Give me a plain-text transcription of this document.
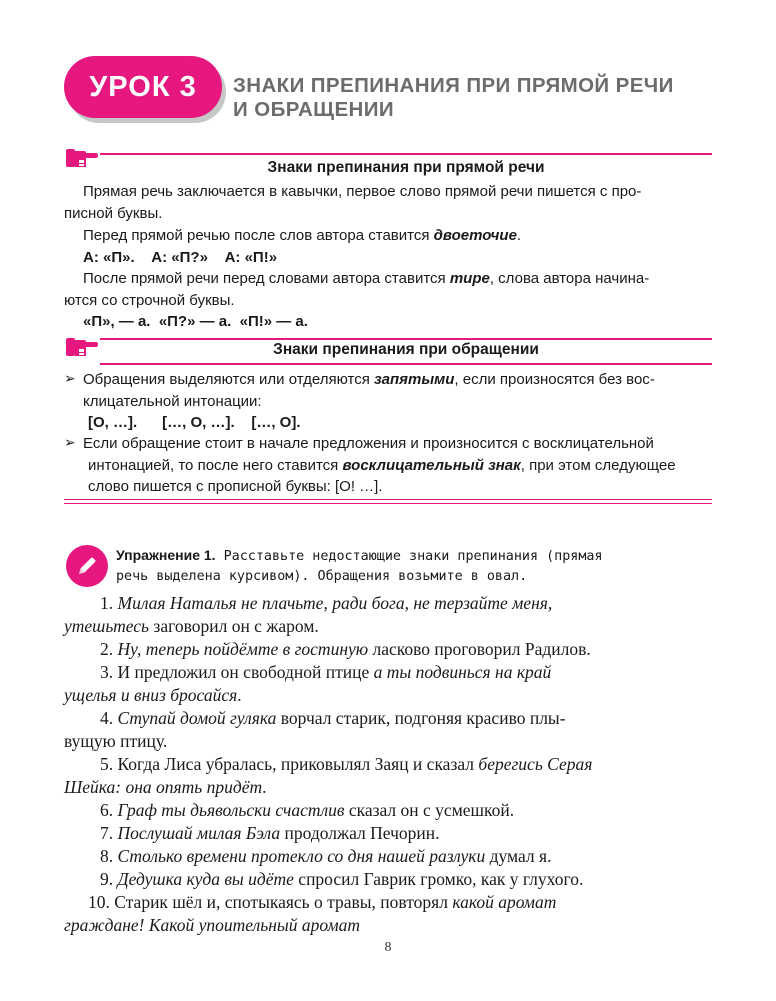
УРОК 3 ЗНАКИ ПРЕПИНАНИЯ ПРИ ПРЯМОЙ РЕЧИ
И ОБРАЩЕНИИ
Знаки препинания при прямой речи
Прямая речь заключается в кавычки, первое слово прямой речи пишется с про-
писной буквы.
Перед прямой речью после слов автора ставится двоеточие.
А: «П».    А: «П?»    А: «П!»
После прямой речи перед словами автора ставится тире, слова автора начина-
ются со строчной буквы.
«П», — а.  «П?» — а.  «П!» — а.
Знаки препинания при обращении
➢ Обращения выделяются или отделяются запятыми, если произносятся без вос-
клицательной интонации:
[О, …].      […, О, …].    […, О].
➢ Если обращение стоит в начале предложения и произносится с восклицательной
интонацией, то после него ставится восклицательный знак, при этом следующее
слово пишется с прописной буквы: [О! …].
Упражнение 1. Расставьте недостающие знаки препинания (прямая
речь выделена курсивом). Обращения возьмите в овал.
1. Милая Наталья не плачьте, ради бога, не терзайте меня,
утешьтесь заговорил он с жаром.
2. Ну, теперь пойдёмте в гостиную ласково проговорил Радилов.
3. И предложил он свободной птице а ты подвинься на край
ущелья и вниз бросайся.
4. Ступай домой гуляка ворчал старик, подгоняя красиво плы-
вущую птицу.
5. Когда Лиса убралась, приковылял Заяц и сказал берегись Серая
Шейка: она опять придёт.
6. Граф ты дьявольски счастлив сказал он с усмешкой.
7. Послушай милая Бэла продолжал Печорин.
8. Столько времени протекло со дня нашей разлуки думал я.
9. Дедушка куда вы идёте спросил Гаврик громко, как у глухого.
10. Старик шёл и, спотыкаясь о травы, повторял какой аромат
граждане! Какой упоительный аромат
8
